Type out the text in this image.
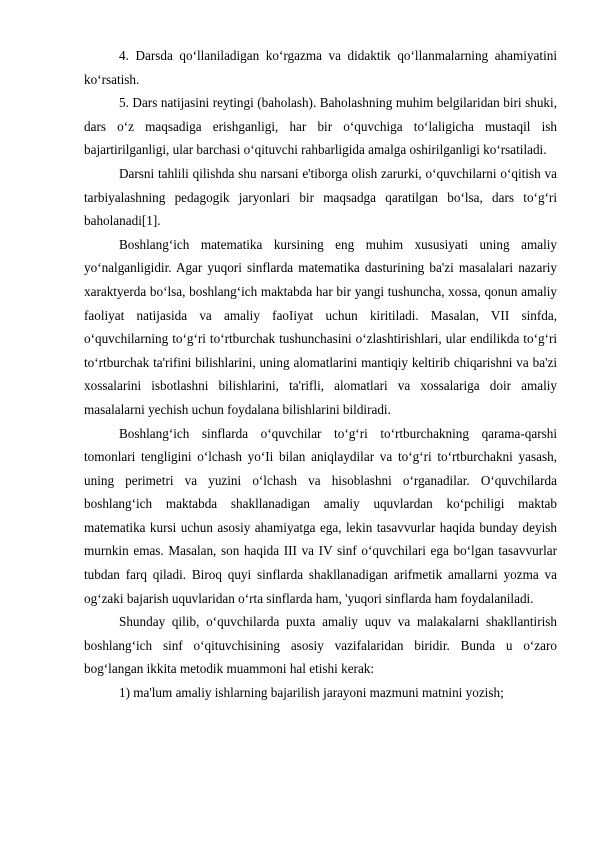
4. Darsda qo‘llaniladigan ko‘rgazma va didaktik qo‘llanmalarning ahamiyatini ko‘rsatish.

5. Dars natijasini reytingi (baholash). Baholashning muhim belgilaridan biri shuki, dars o‘z maqsadiga erishganligi, har bir o‘quvchiga to‘laligicha mustaqil ish bajartirilganligi, ular barchasi o‘qituvchi rahbarligida amalga oshirilganligi ko‘rsatiladi.

Darsni tahlili qilishda shu narsani e'tiborga olish zarurki, o‘quvchilarni o‘qitish va tarbiyalashning pedagogik jaryonlari bir maqsadga qaratilgan bo‘lsa, dars to‘g‘ri baholanadi[1].

Boshlang‘ich matematika kursining eng muhim xususiyati uning amaliy yo‘nalganligidir. Agar yuqori sinflarda matematika dasturining ba'zi masalalari nazariy xaraktyerda bo‘lsa, boshlang‘ich maktabda har bir yangi tushuncha, xossa, qonun amaliy faoliyat natijasida va amaliy faoIiyat uchun kiritiladi. Masalan, VII sinfda, o‘quvchilarning to‘g‘ri to‘rtburchak tushunchasini o‘zlashtirishlari, ular endilikda to‘g‘ri to‘rtburchak ta'rifini bilishlarini, uning alomatlarini mantiqiy keltirib chiqarishni va ba'zi xossalarini isbotlashni bilishlarini, ta'rifli, alomatlari va xossalariga doir amaliy masalalarni yechish uchun foydalana bilishlarini bildiradi.

Boshlang‘ich sinflarda o‘quvchilar to‘g‘ri to‘rtburchakning qarama-qarshi tomonlari tengligini o‘lchash yo‘Ii bilan aniqlaydilar va to‘g‘ri to‘rtburchakni yasash, uning perimetri va yuzini o‘lchash va hisoblashni o‘rganadilar. O‘quvchilarda boshlang‘ich maktabda shakllanadigan amaliy uquvlardan ko‘pchiligi maktab matematika kursi uchun asosiy ahamiyatga ega, lekin tasavvurlar haqida bunday deyish murnkin emas. Masalan, son haqida III va IV sinf o‘quvchilari ega bo‘lgan tasavvurlar tubdan farq qiladi. Biroq quyi sinflarda shakllanadigan arifmetik amallarni yozma va og‘zaki bajarish uquvlaridan o‘rta sinflarda ham, 'yuqori sinflarda ham foydalaniladi.

Shunday qilib, o‘quvchilarda puxta amaliy uquv va malakalarni shakllantirish boshlang‘ich sinf o‘qituvchisining asosiy vazifalaridan biridir. Bunda u o‘zaro bog‘langan ikkita metodik muammoni hal etishi kerak:

1) ma'lum amaliy ishlarning bajarilish jarayoni mazmuni matnini yozish;
